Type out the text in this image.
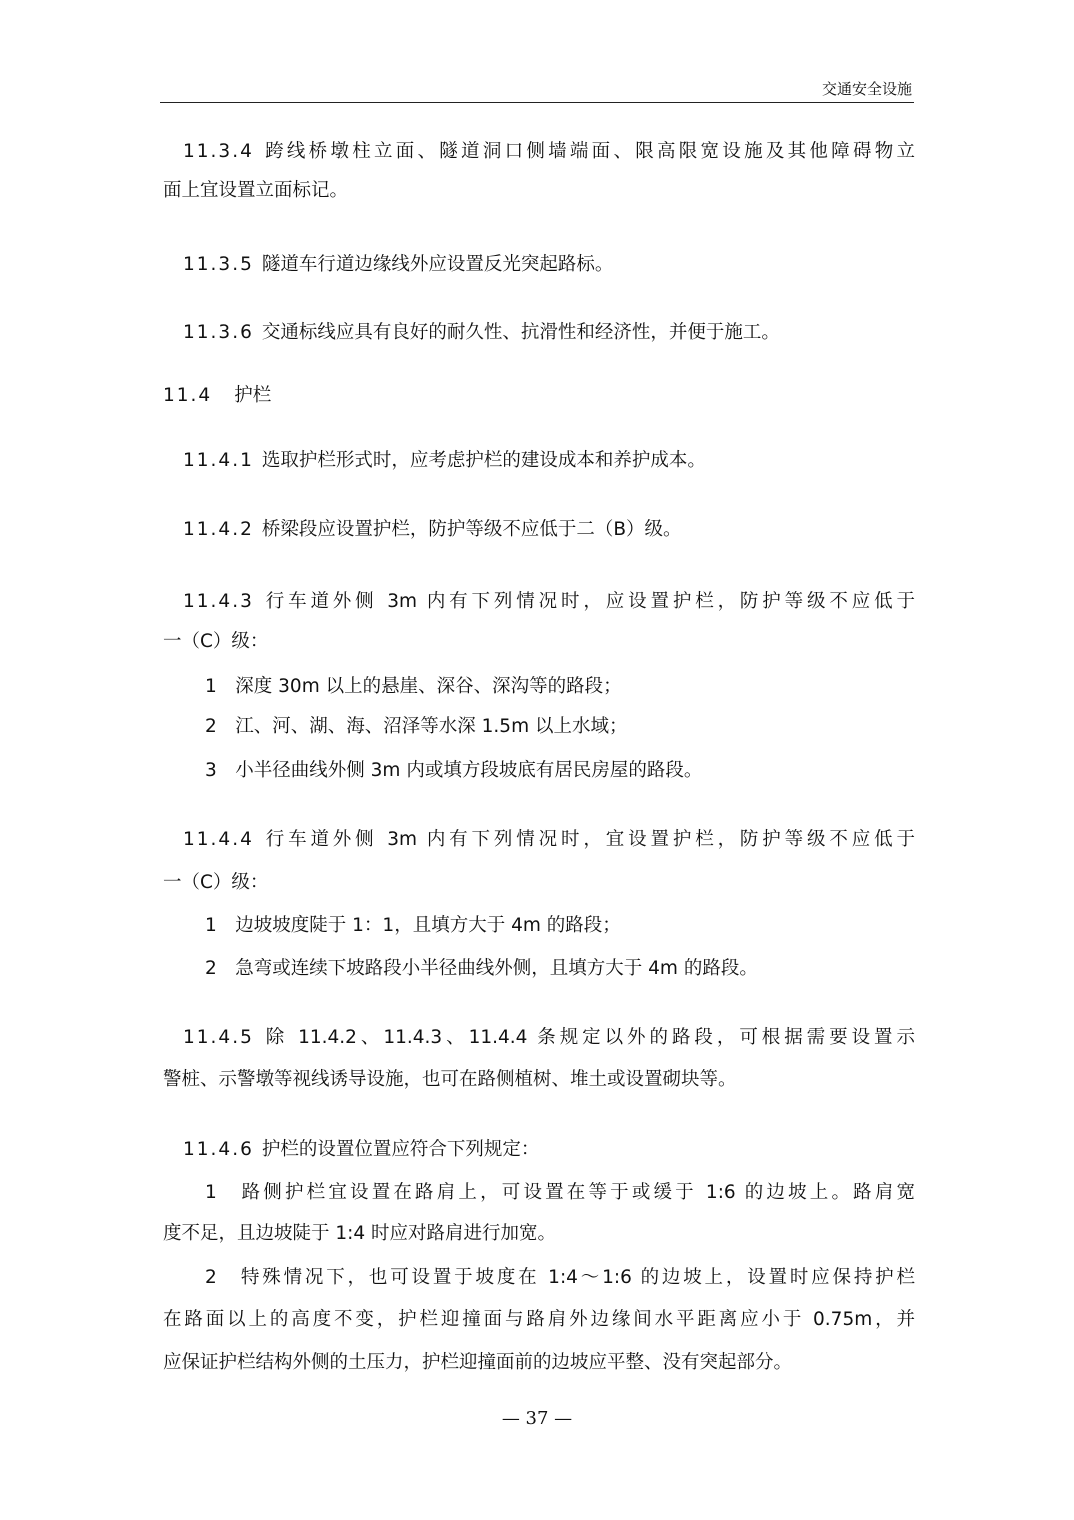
交通安全设施
11.3.4 跨线桥墩柱立面、隧道洞口侧墙端面、限高限宽设施及其他障碍物立
面上宜设置立面标记。
11.3.5 隧道车行道边缘线外应设置反光突起路标。
11.3.6 交通标线应具有良好的耐久性、抗滑性和经济性，并便于施工。
11.4 护栏
11.4.1 选取护栏形式时，应考虑护栏的建设成本和养护成本。
11.4.2 桥梁段应设置护栏，防护等级不应低于二（B）级。
11.4.3 行车道外侧 3m 内有下列情况时，应设置护栏，防护等级不应低于
一（C）级：
1　深度 30m 以上的悬崖、深谷、深沟等的路段；
2　江、河、湖、海、沼泽等水深 1.5m 以上水域；
3　小半径曲线外侧 3m 内或填方段坡底有居民房屋的路段。
11.4.4 行车道外侧 3m 内有下列情况时，宜设置护栏，防护等级不应低于
一（C）级：
1　边坡坡度陡于 1：1，且填方大于 4m 的路段；
2　急弯或连续下坡路段小半径曲线外侧，且填方大于 4m 的路段。
11.4.5 除 11.4.2、11.4.3、11.4.4 条规定以外的路段，可根据需要设置示
警桩、示警墩等视线诱导设施，也可在路侧植树、堆土或设置砌块等。
11.4.6 护栏的设置位置应符合下列规定：
1　路侧护栏宜设置在路肩上，可设置在等于或缓于 1:6 的边坡上。路肩宽
度不足，且边坡陡于 1:4 时应对路肩进行加宽。
2　特殊情况下，也可设置于坡度在 1:4～1:6 的边坡上，设置时应保持护栏
在路面以上的高度不变，护栏迎撞面与路肩外边缘间水平距离应小于 0.75m，并
应保证护栏结构外侧的土压力，护栏迎撞面前的边坡应平整、没有突起部分。
— 37 —
